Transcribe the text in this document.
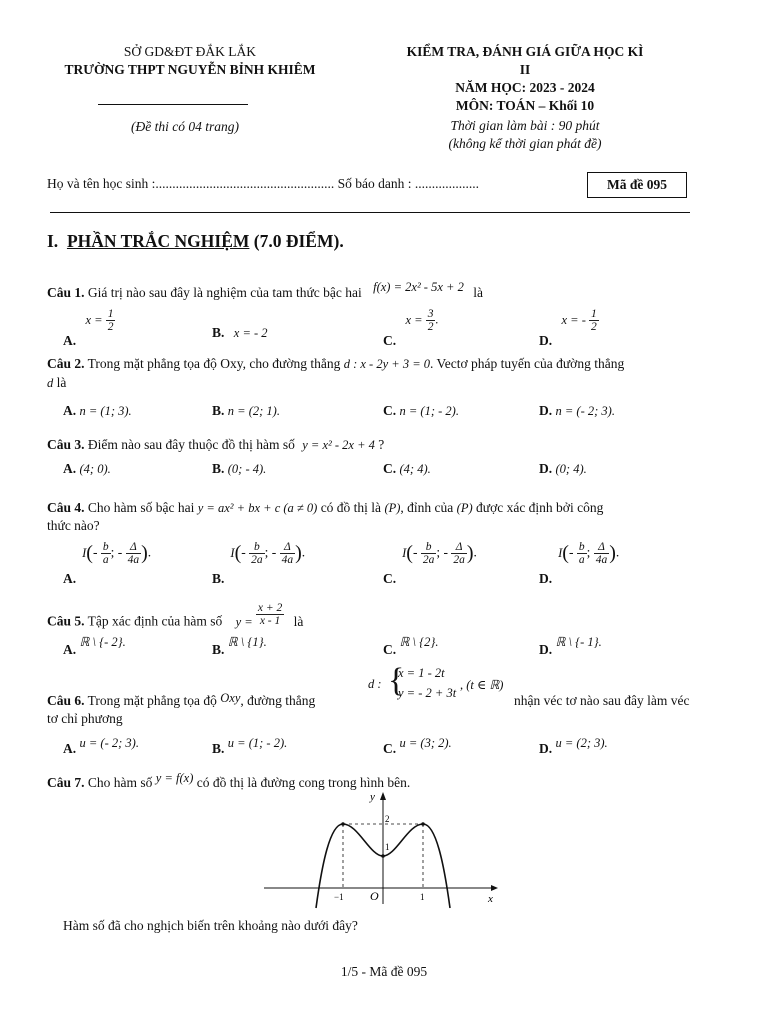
SỞ GD&ĐT ĐẮK LẮK
TRƯỜNG THPT NGUYỄN BỈNH KHIÊM
(Đề thi có 04 trang)
KIỂM TRA, ĐÁNH GIÁ GIỮA HỌC KÌ
II
NĂM HỌC: 2023 - 2024
MÔN: TOÁN – Khối 10
Thời gian làm bài : 90 phút
(không kể thời gian phát đề)
Họ và tên học sinh :..................................................... Số báo danh : ...................	Mã đề 095
I. PHẦN TRẮC NGHIỆM (7.0 ĐIỂM).
Câu 1. Giá trị nào sau đây là nghiệm của tam thức bậc hai f(x) = 2x² - 5x + 2 là
A. $x = \frac{1}{2}$	B. x = - 2	C. $x = \frac{3}{2}$ .
D. x = - $\frac{1}{2}$
Câu 2. Trong mặt phẳng tọa độ Oxy, cho đường thẳng d : x - 2y + 3 = 0. Vectơ pháp tuyến của đường thẳng
d là
A. n = (1; 3).	B. n = (2; 1).	C. n = (1; - 2).	D. n = (- 2; 3).
Câu 3. Điểm nào sau đây thuộc đồ thị hàm số y = x² - 2x + 4 ?
A. (4; 0).	B. (0; - 4).	C. (4; 4).	D. (0; 4).
Câu 4. Cho hàm số bậc hai y = ax² + bx + c (a ≠ 0) có đồ thị là (P), đỉnh của (P) được xác định bởi công
thức nào?
$A.I(- \frac{b}{a}$ ; - $\frac{\Delta}{4a}$ ).
$B.I(- \frac{b}{2a}$ ; - $\frac{\Delta}{4a}$ ).
$C.I(- \frac{b}{2a}$ ; - $\frac{\Delta}{2a}$ ).
$D.I(- \frac{b}{a}$ ; $\frac{\Delta}{4a}$ ).
Câu 5. Tập xác định của hàm số $y = \frac{x + 2}{x - 1}$ là
A. ℝ \ {- 2}.	B. ℝ \ {1}.	C. ℝ \ {2}.	D. ℝ \ {- 1}.
d : {
x = 1 - 2t
y = - 2 + 3t
, (t ∈ ℝ)
Câu 6. Trong mặt phẳng tọa độ Oxy, đường thẳng	nhận véc tơ nào sau đây làm véc
tơ chỉ phương
A. u = (- 2; 3).	B. u = (1; - 2).	C. u = (3; 2).	D. u = (2; 3).
Câu 7. Cho hàm số y = f(x) có đồ thị là đường cong trong hình bên.
y
x
O
−1	1
2
1
Hàm số đã cho nghịch biến trên khoảng nào dưới đây?
1/5 - Mã đề 095
